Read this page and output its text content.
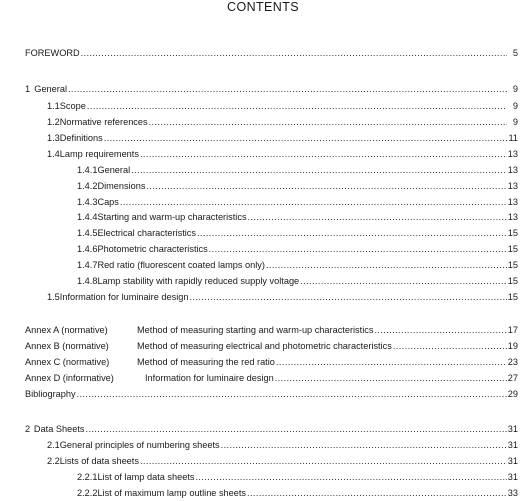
CONTENTS
FOREWORD .....	5
1 General .....	9
1.1 Scope .....	9
1.2 Normative references .....	9
1.3 Definitions .....	11
1.4 Lamp requirements .....	13
1.4.1 General .....	13
1.4.2 Dimensions .....	13
1.4.3 Caps .....	13
1.4.4 Starting and warm-up characteristics .....	13
1.4.5 Electrical characteristics .....	15
1.4.6 Photometric characteristics .....	15
1.4.7 Red ratio (fluorescent coated lamps only) .....	15
1.4.8 Lamp stability with rapidly reduced supply voltage .....	15
1.5 Information for luminaire design .....	15
Annex A (normative)	Method of measuring starting and warm-up characteristics .....	17
Annex B (normative)	Method of measuring electrical and photometric characteristics .....	19
Annex C (normative)	Method of measuring the red ratio .....	23
Annex D (informative)	Information for luminaire design .....	27
Bibliography .....	29
2 Data Sheets .....	31
2.1 General principles of numbering sheets .....	31
2.2 Lists of data sheets .....	31
2.2.1 List of lamp data sheets .....	31
2.2.2 List of maximum lamp outline sheets .....	33
